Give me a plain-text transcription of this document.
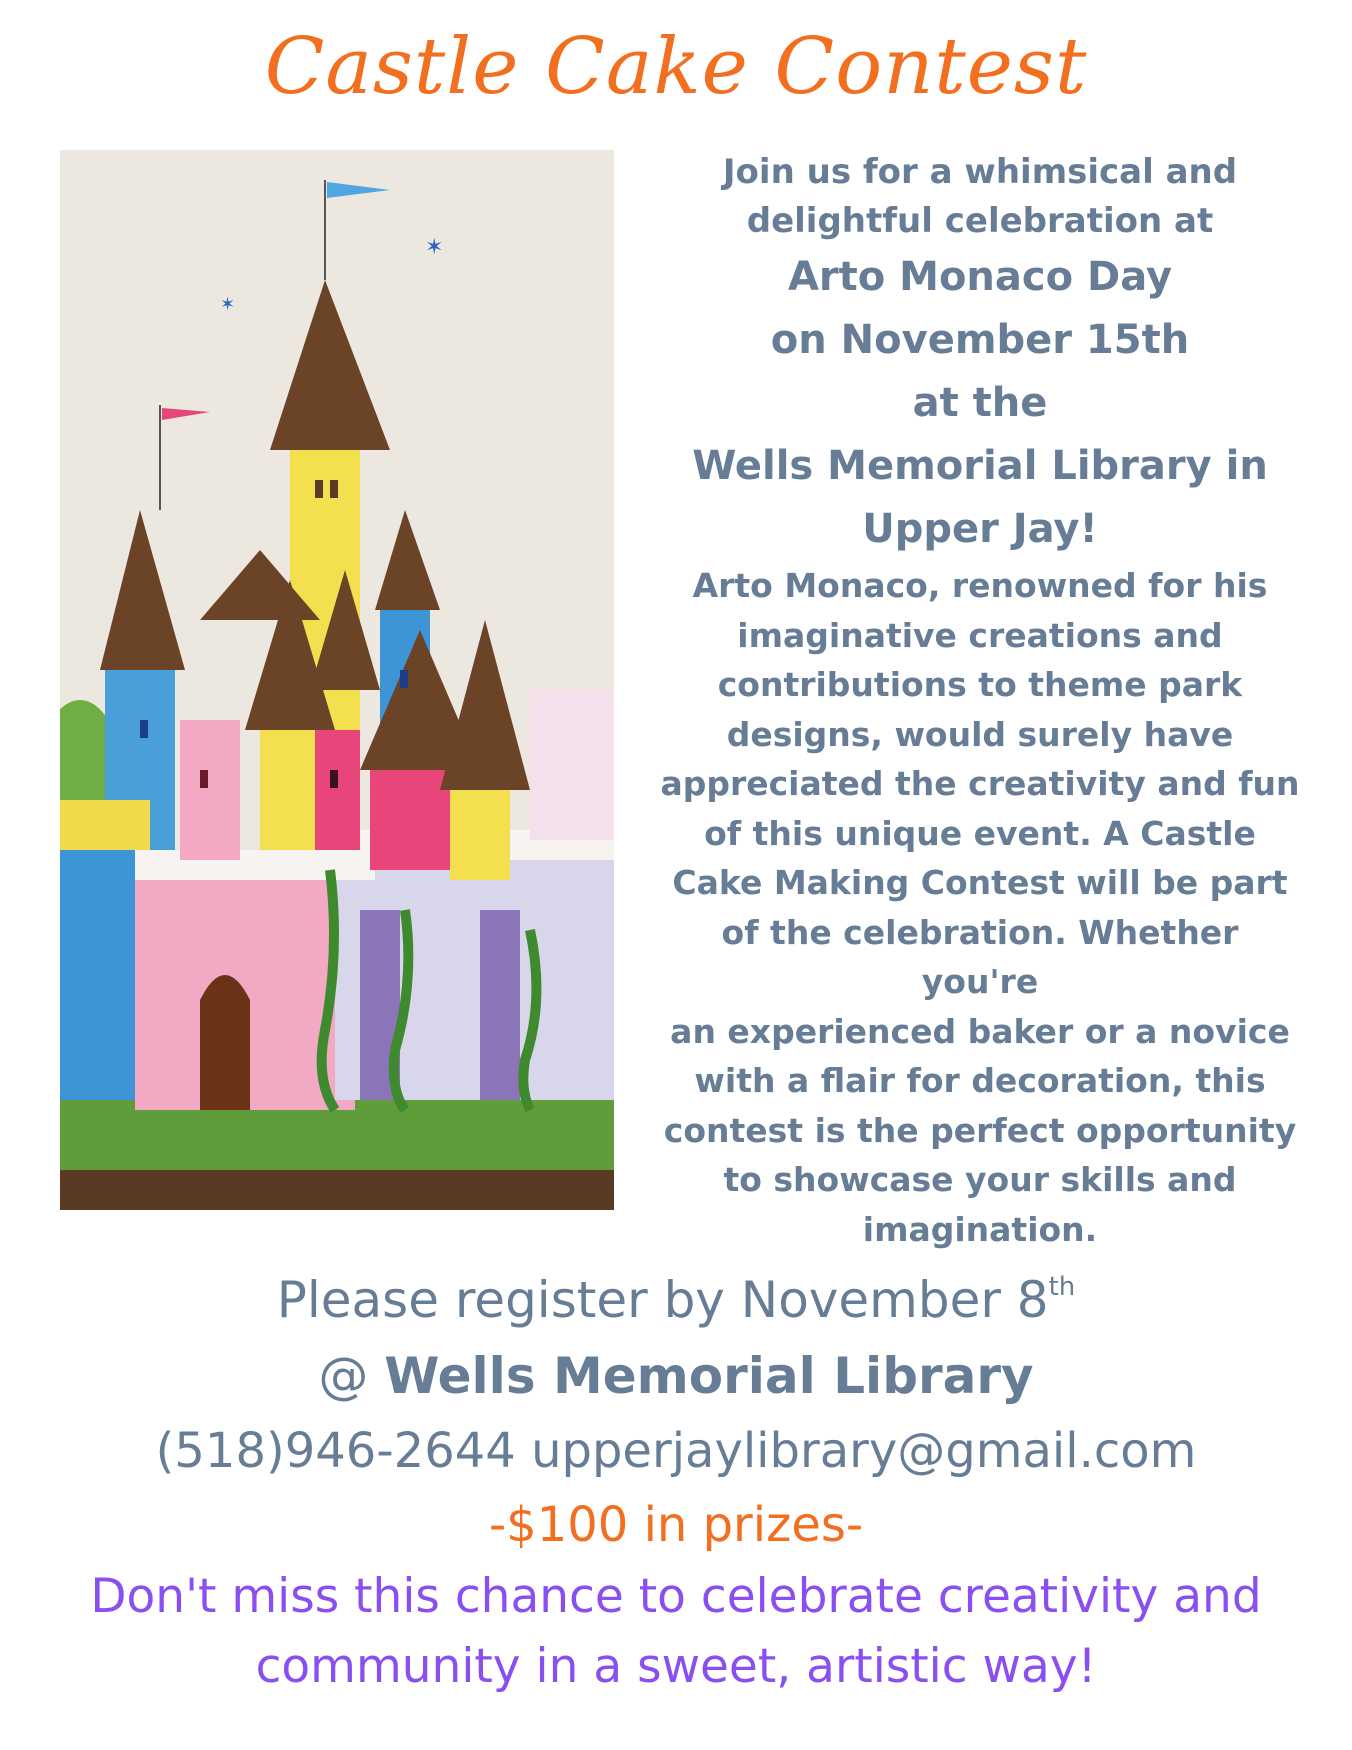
Castle Cake Contest
✶
✶

Join us for a whimsical and

delightful celebration at

Arto Monaco Day

on November 15th

at the

Wells Memorial Library in

Upper Jay!

Arto Monaco, renowned for his

imaginative creations and

contributions to theme park

designs, would surely have

appreciated the creativity and fun

of this unique event. A Castle

Cake Making Contest will be part

of the celebration. Whether you're

an experienced baker or a novice

with a flair for decoration, this

contest is the perfect opportunity

to showcase your skills and

imagination.

Please register by November 8th

@ Wells Memorial Library

(518)946-2644 upperjaylibrary@gmail.com

-$100 in prizes-

Don't miss this chance to celebrate creativity and

community in a sweet, artistic way!
